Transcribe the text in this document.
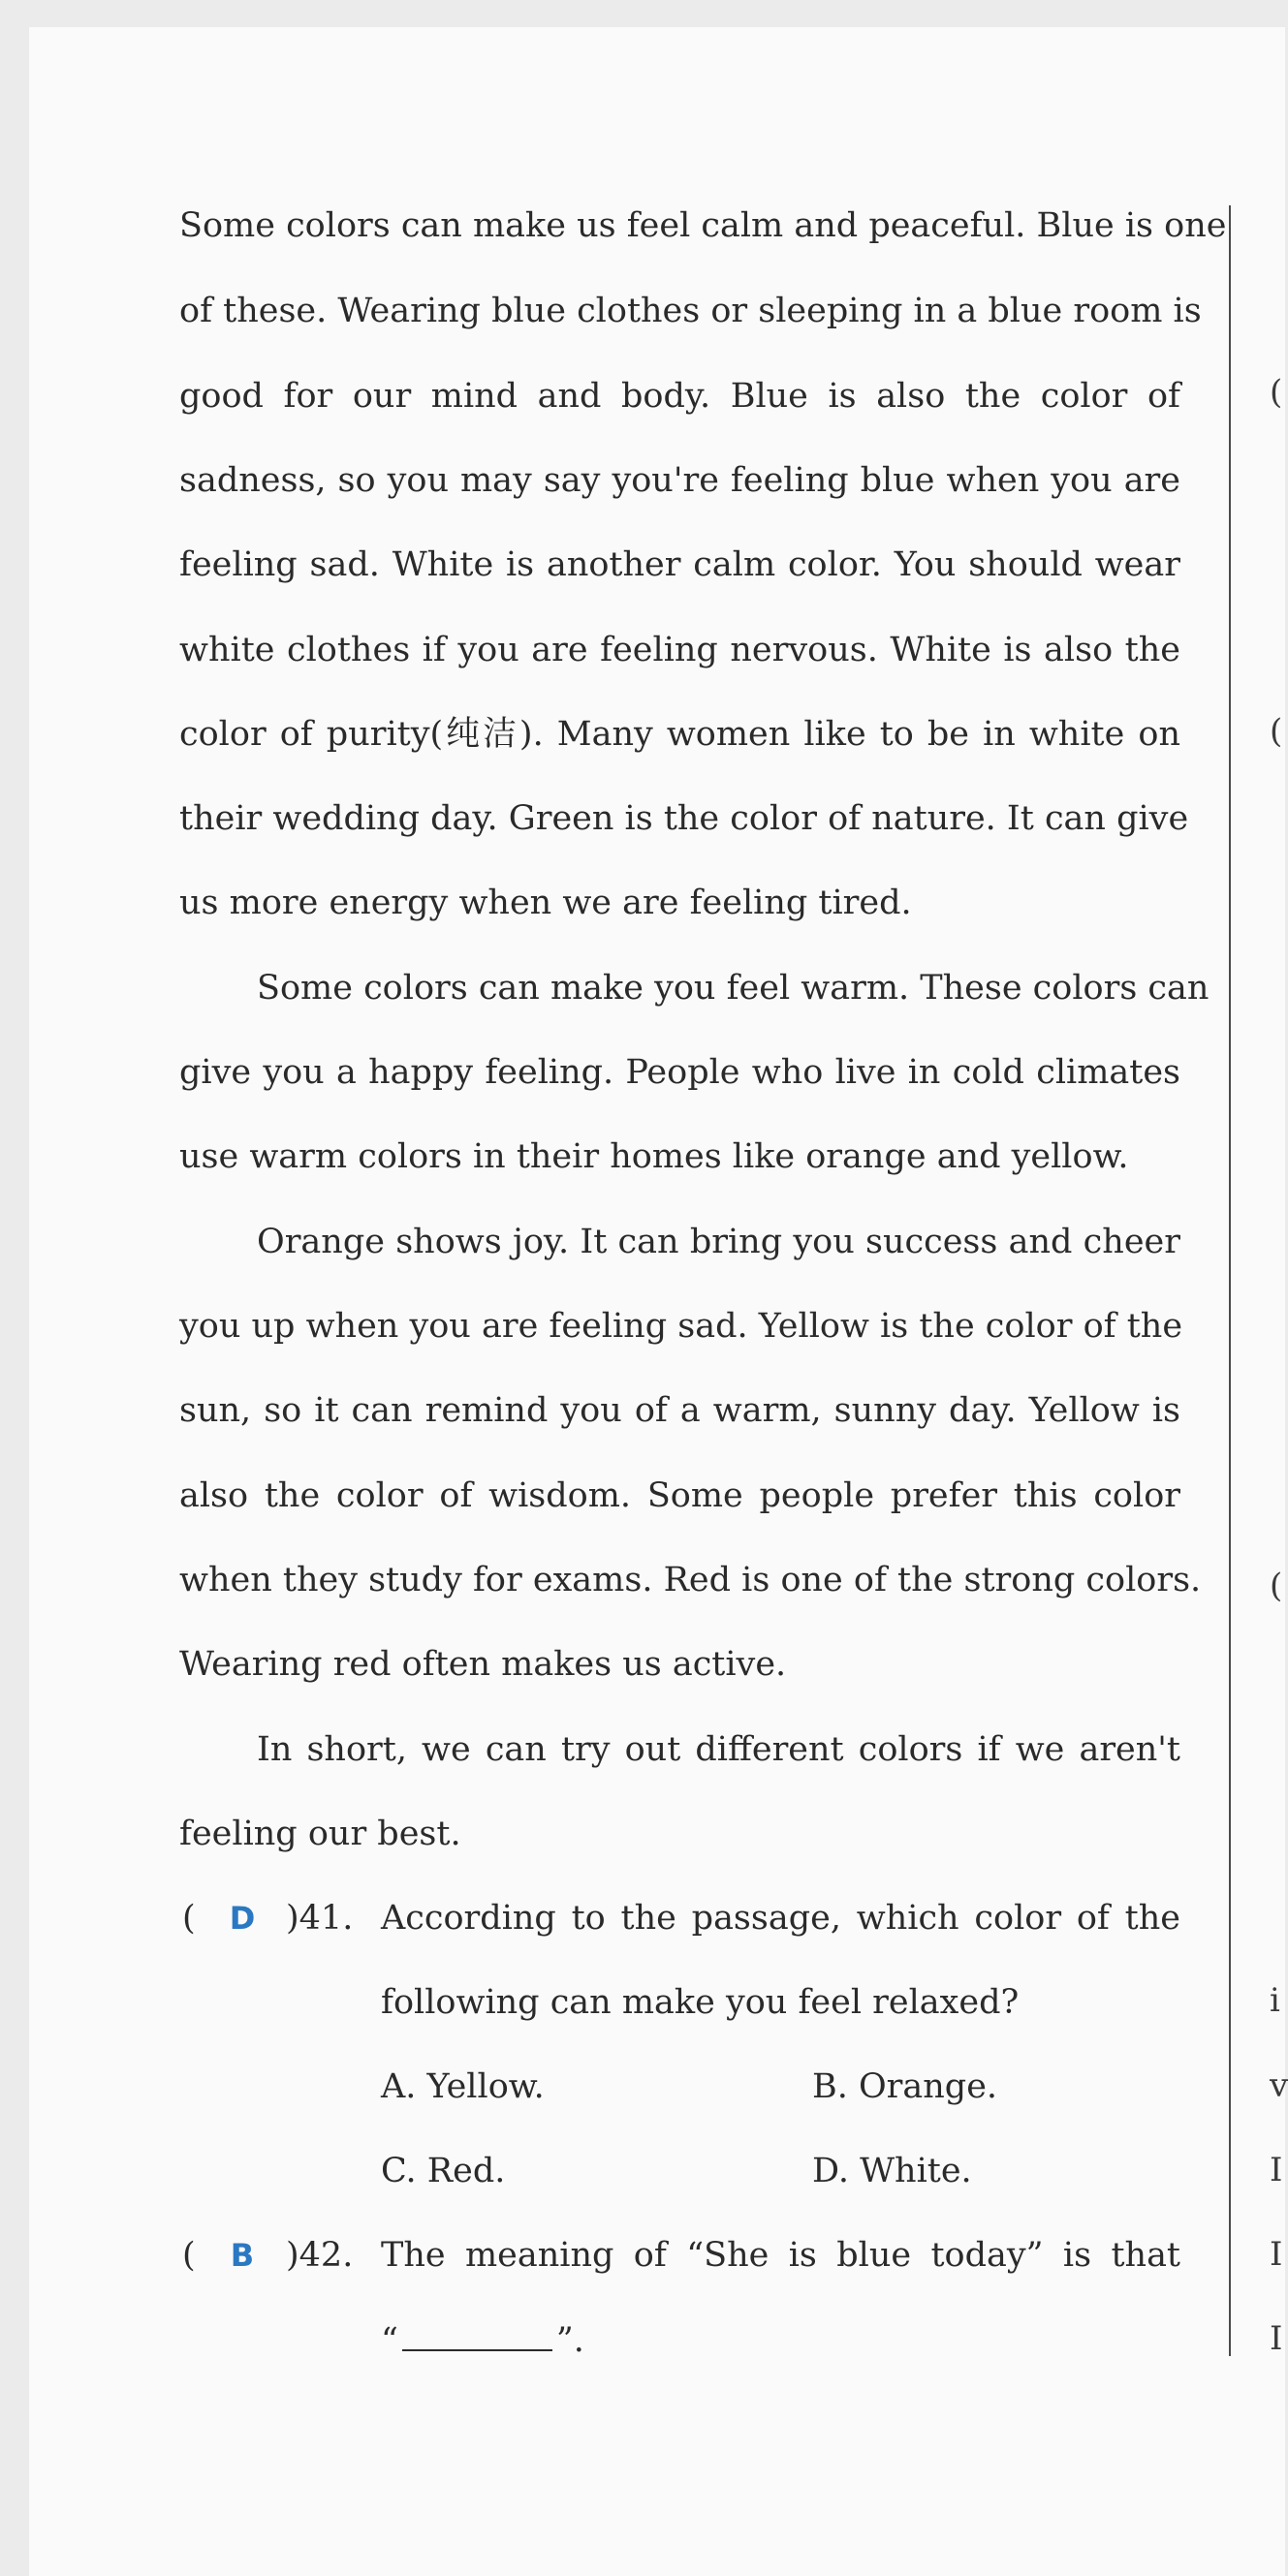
(
(
(
i
v
I
I
I
Some colors can make us feel calm and peaceful. Blue is one
of these. Wearing blue clothes or sleeping in a blue room is
good for our mind and body. Blue is also the color of
sadness, so you may say you're feeling blue when you are
feeling sad. White is another calm color. You should wear
white clothes if you are feeling nervous. White is also the
color of purity(纯洁). Many women like to be in white on
their wedding day. Green is the color of nature. It can give
us more energy when we are feeling tired.
Some colors can make you feel warm. These colors can
give you a happy feeling. People who live in cold climates
use warm colors in their homes like orange and yellow.
Orange shows joy. It can bring you success and cheer
you up when you are feeling sad. Yellow is the color of the
sun, so it can remind you of a warm, sunny day. Yellow is
also the color of wisdom. Some people prefer this color
when they study for exams. Red is one of the strong colors.
Wearing red often makes us active.
In short, we can try out different colors if we aren't
feeling our best.
( D )41. According to the passage, which color of the
following can make you feel relaxed?
A. Yellow.	B. Orange.
C. Red.	D. White.
( B )42. The meaning of “She is blue today” is that
“	”.
